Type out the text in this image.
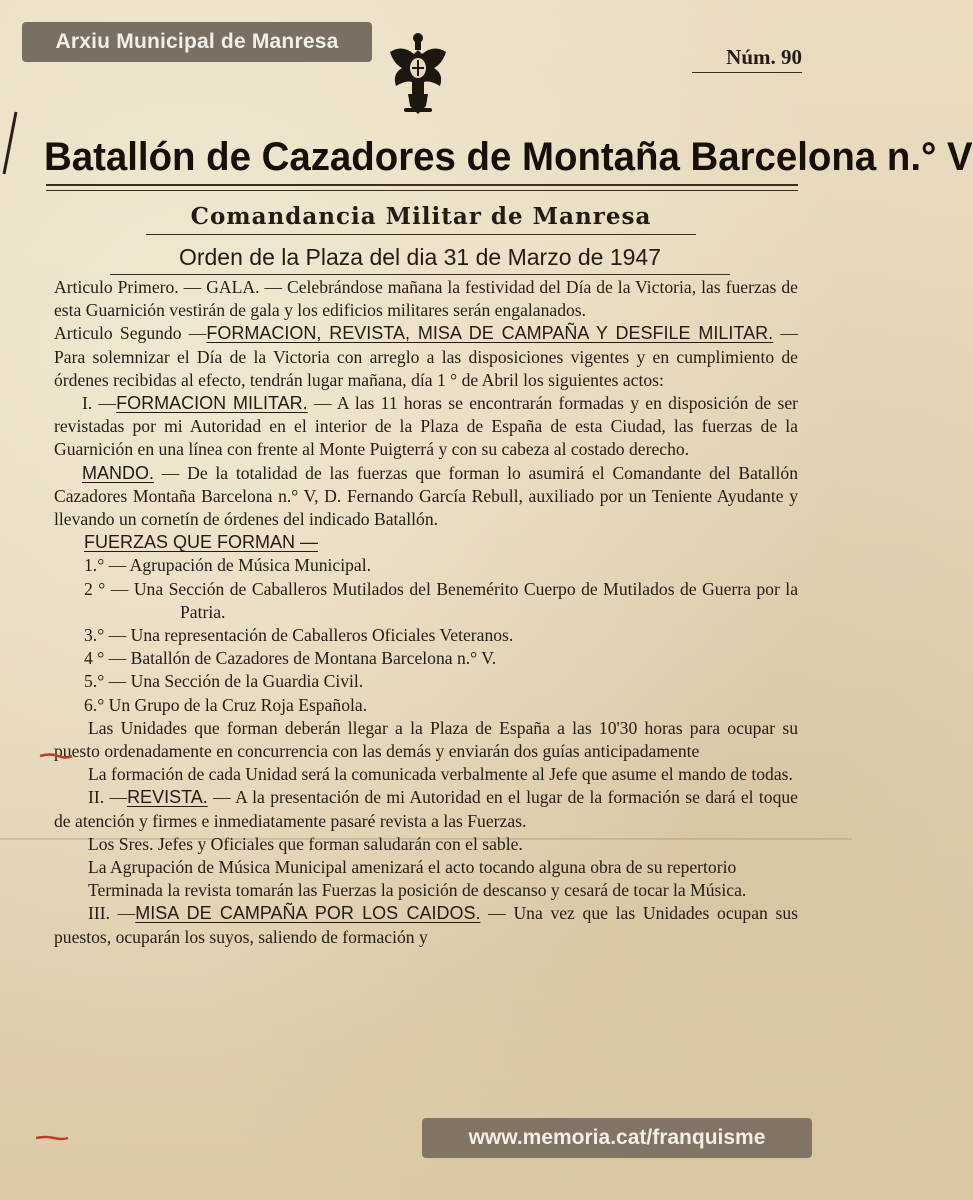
Arxiu Municipal de Manresa
Núm. 90
Batallón de Cazadores de Montaña Barcelona n.° V
Comandancia Militar de Manresa
Orden de la Plaza del dia 31 de Marzo de 1947

Articulo Primero. — GALA. — Celebrándose mañana la festividad del Día de la Victoria, las fuerzas de esta Guarnición vestirán de gala y los edificios militares serán engalanados.

Articulo Segundo —FORMACION, REVISTA, MISA DE CAMPAÑA Y DESFILE MILITAR. — Para solemnizar el Día de la Victoria con arreglo a las disposiciones vigentes y en cumplimiento de órdenes recibidas al efecto, tendrán lugar mañana, día 1 ° de Abril los siguientes actos:

I. —FORMACION MILITAR. — A las 11 horas se encontrarán formadas y en disposición de ser revistadas por mi Autoridad en el interior de la Plaza de España de esta Ciudad, las fuerzas de la Guarnición en una línea con frente al Monte Puigterrá y con su cabeza al costado derecho.

MANDO. — De la totalidad de las fuerzas que forman lo asumirá el Comandante del Batallón Cazadores Montaña Barcelona n.° V, D. Fernando García Rebull, auxiliado por un Teniente Ayudante y llevando un cornetín de órdenes del indicado Batallón.

FUERZAS QUE FORMAN —

1.° — Agrupación de Música Municipal.
2 ° — Una Sección de Caballeros Mutilados del Benemérito Cuerpo de Mutilados de Guerra por la Patria.
3.° — Una representación de Caballeros Oficiales Veteranos.
4 ° — Batallón de Cazadores de Montana Barcelona n.° V.
5.° — Una Sección de la Guardia Civil.
6.° Un Grupo de la Cruz Roja Española.

Las Unidades que forman deberán llegar a la Plaza de España a las 10'30 horas para ocupar su puesto ordenadamente en concurrencia con las demás y enviarán dos guías anticipadamente

La formación de cada Unidad será la comunicada verbalmente al Jefe que asume el mando de todas.

II. —REVISTA. — A la presentación de mi Autoridad en el lugar de la formación se dará el toque de atención y firmes e inmediatamente pasaré revista a las Fuerzas.

Los Sres. Jefes y Oficiales que forman saludarán con el sable.

La Agrupación de Música Municipal amenizará el acto tocando alguna obra de su repertorio

Terminada la revista tomarán las Fuerzas la posición de descanso y cesará de tocar la Música.

III. —MISA DE CAMPAÑA POR LOS CAIDOS. — Una vez que las Unidades ocupan sus puestos, ocuparán los suyos, saliendo de formación y

www.memoria.cat/franquisme
